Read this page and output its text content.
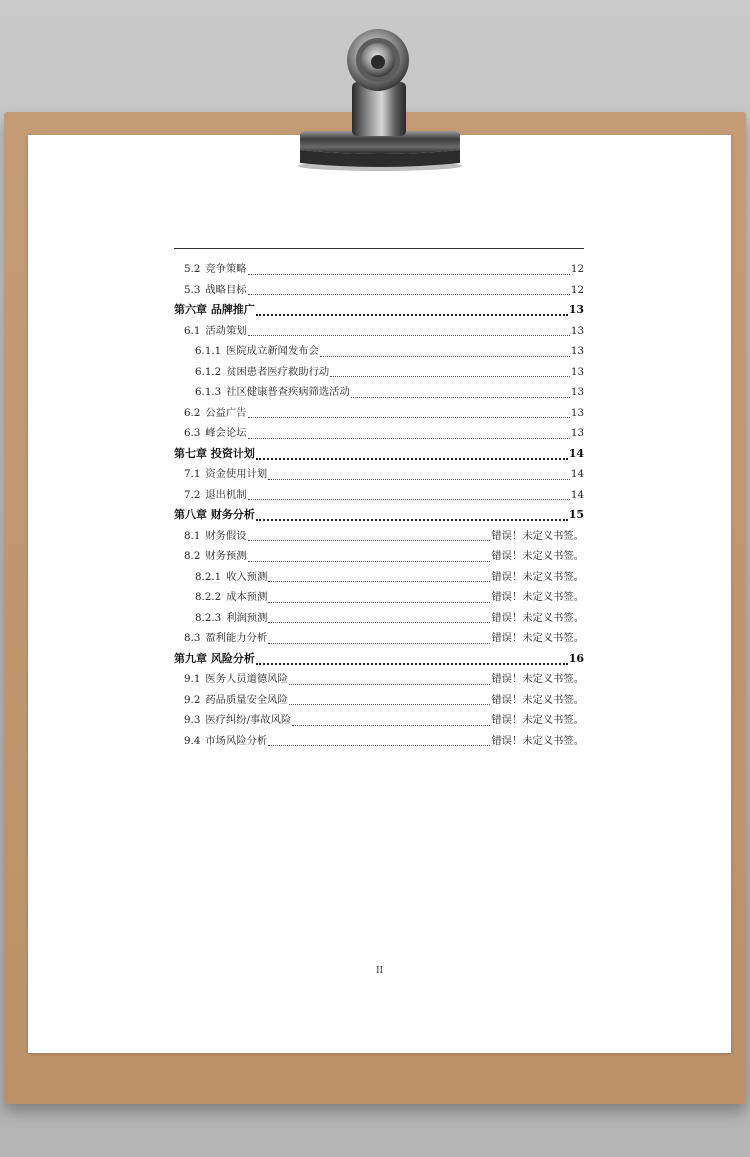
5.2 竞争策略	12
5.3 战略目标	12
第六章 品牌推广	13
6.1 活动策划	13
6.1.1 医院成立新闻发布会	13
6.1.2 贫困患者医疗救助行动	13
6.1.3 社区健康普查疾病筛选活动	13
6.2 公益广告	13
6.3 峰会论坛	13
第七章 投资计划	14
7.1 资金使用计划	14
7.2 退出机制	14
第八章 财务分析	15
8.1 财务假设	错误！未定义书签。
8.2 财务预测	错误！未定义书签。
8.2.1 收入预测	错误！未定义书签。
8.2.2 成本预测	错误！未定义书签。
8.2.3 利润预测	错误！未定义书签。
8.3 盈利能力分析	错误！未定义书签。
第九章 风险分析	16
9.1 医务人员道德风险	错误！未定义书签。
9.2 药品质量安全风险	错误！未定义书签。
9.3 医疗纠纷/事故风险	错误！未定义书签。
9.4 市场风险分析	错误！未定义书签。
II
